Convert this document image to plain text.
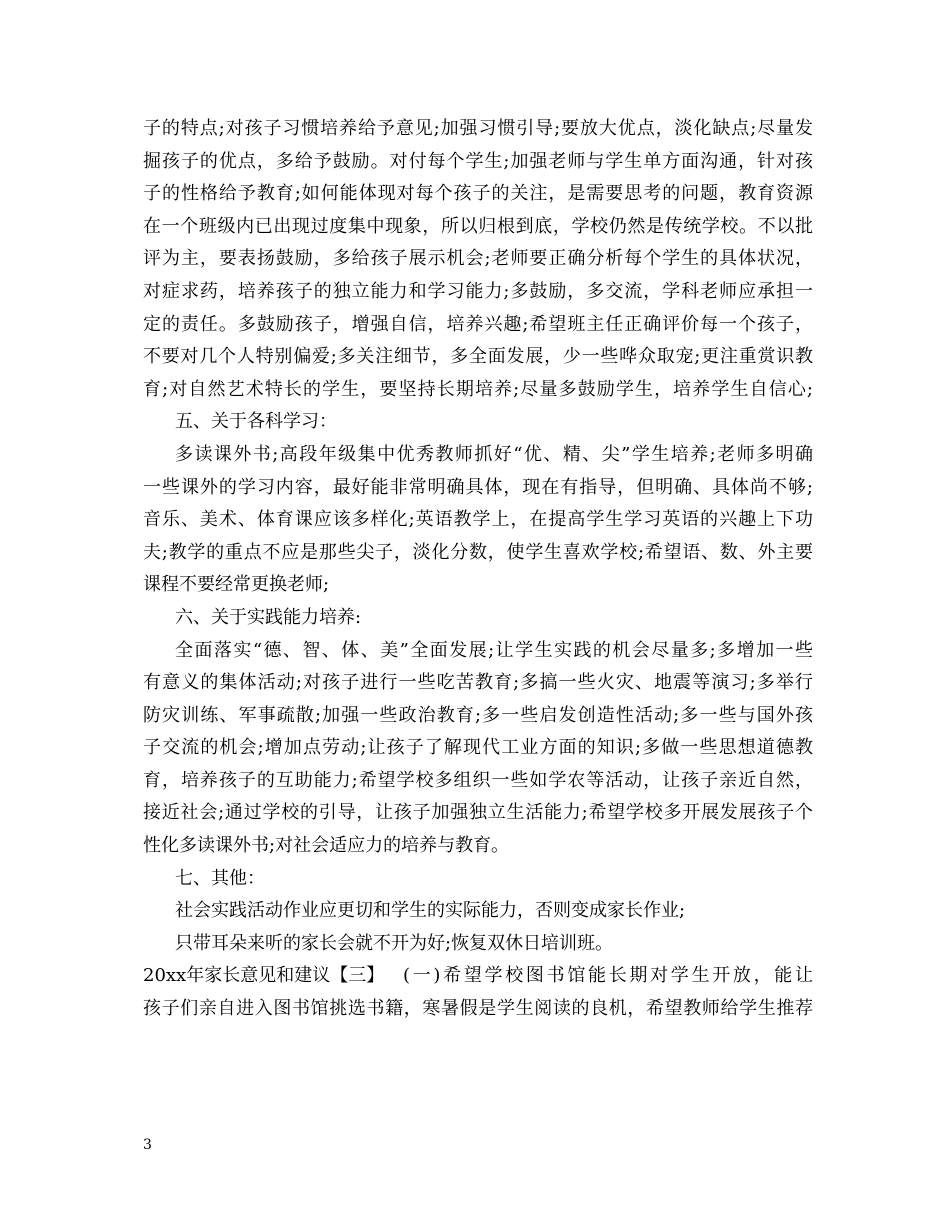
子的特点;对孩子习惯培养给予意见;加强习惯引导;要放大优点，淡化缺点;尽量发
掘孩子的优点，多给予鼓励。对付每个学生;加强老师与学生单方面沟通，针对孩
子的性格给予教育;如何能体现对每个孩子的关注，是需要思考的问题，教育资源
在一个班级内已出现过度集中现象，所以归根到底，学校仍然是传统学校。不以批
评为主，要表扬鼓励，多给孩子展示机会;老师要正确分析每个学生的具体状况，
对症求药，培养孩子的独立能力和学习能力;多鼓励，多交流，学科老师应承担一
定的责任。多鼓励孩子，增强自信，培养兴趣;希望班主任正确评价每一个孩子，
不要对几个人特别偏爱;多关注细节，多全面发展，少一些哗众取宠;更注重赏识教
育;对自然艺术特长的学生，要坚持长期培养;尽量多鼓励学生，培养学生自信心;
五、关于各科学习：
多读课外书;高段年级集中优秀教师抓好“优、精、尖”学生培养;老师多明确
一些课外的学习内容，最好能非常明确具体，现在有指导，但明确、具体尚不够;
音乐、美术、体育课应该多样化;英语教学上，在提高学生学习英语的兴趣上下功
夫;教学的重点不应是那些尖子，淡化分数，使学生喜欢学校;希望语、数、外主要
课程不要经常更换老师;
六、关于实践能力培养:
全面落实“德、智、体、美”全面发展;让学生实践的机会尽量多;多增加一些
有意义的集体活动;对孩子进行一些吃苦教育;多搞一些火灾、地震等演习;多举行
防灾训练、军事疏散;加强一些政治教育;多一些启发创造性活动;多一些与国外孩
子交流的机会;增加点劳动;让孩子了解现代工业方面的知识;多做一些思想道德教
育，培养孩子的互助能力;希望学校多组织一些如学农等活动，让孩子亲近自然，
接近社会;通过学校的引导，让孩子加强独立生活能力;希望学校多开展发展孩子个
性化多读课外书;对社会适应力的培养与教育。
七、其他：
社会实践活动作业应更切和学生的实际能力，否则变成家长作业;
只带耳朵来听的家长会就不开为好;恢复双休日培训班。
20xx年家长意见和建议【三】	(一)希望学校图书馆能长期对学生开放，能让
孩子们亲自进入图书馆挑选书籍，寒暑假是学生阅读的良机，希望教师给学生推荐
3
